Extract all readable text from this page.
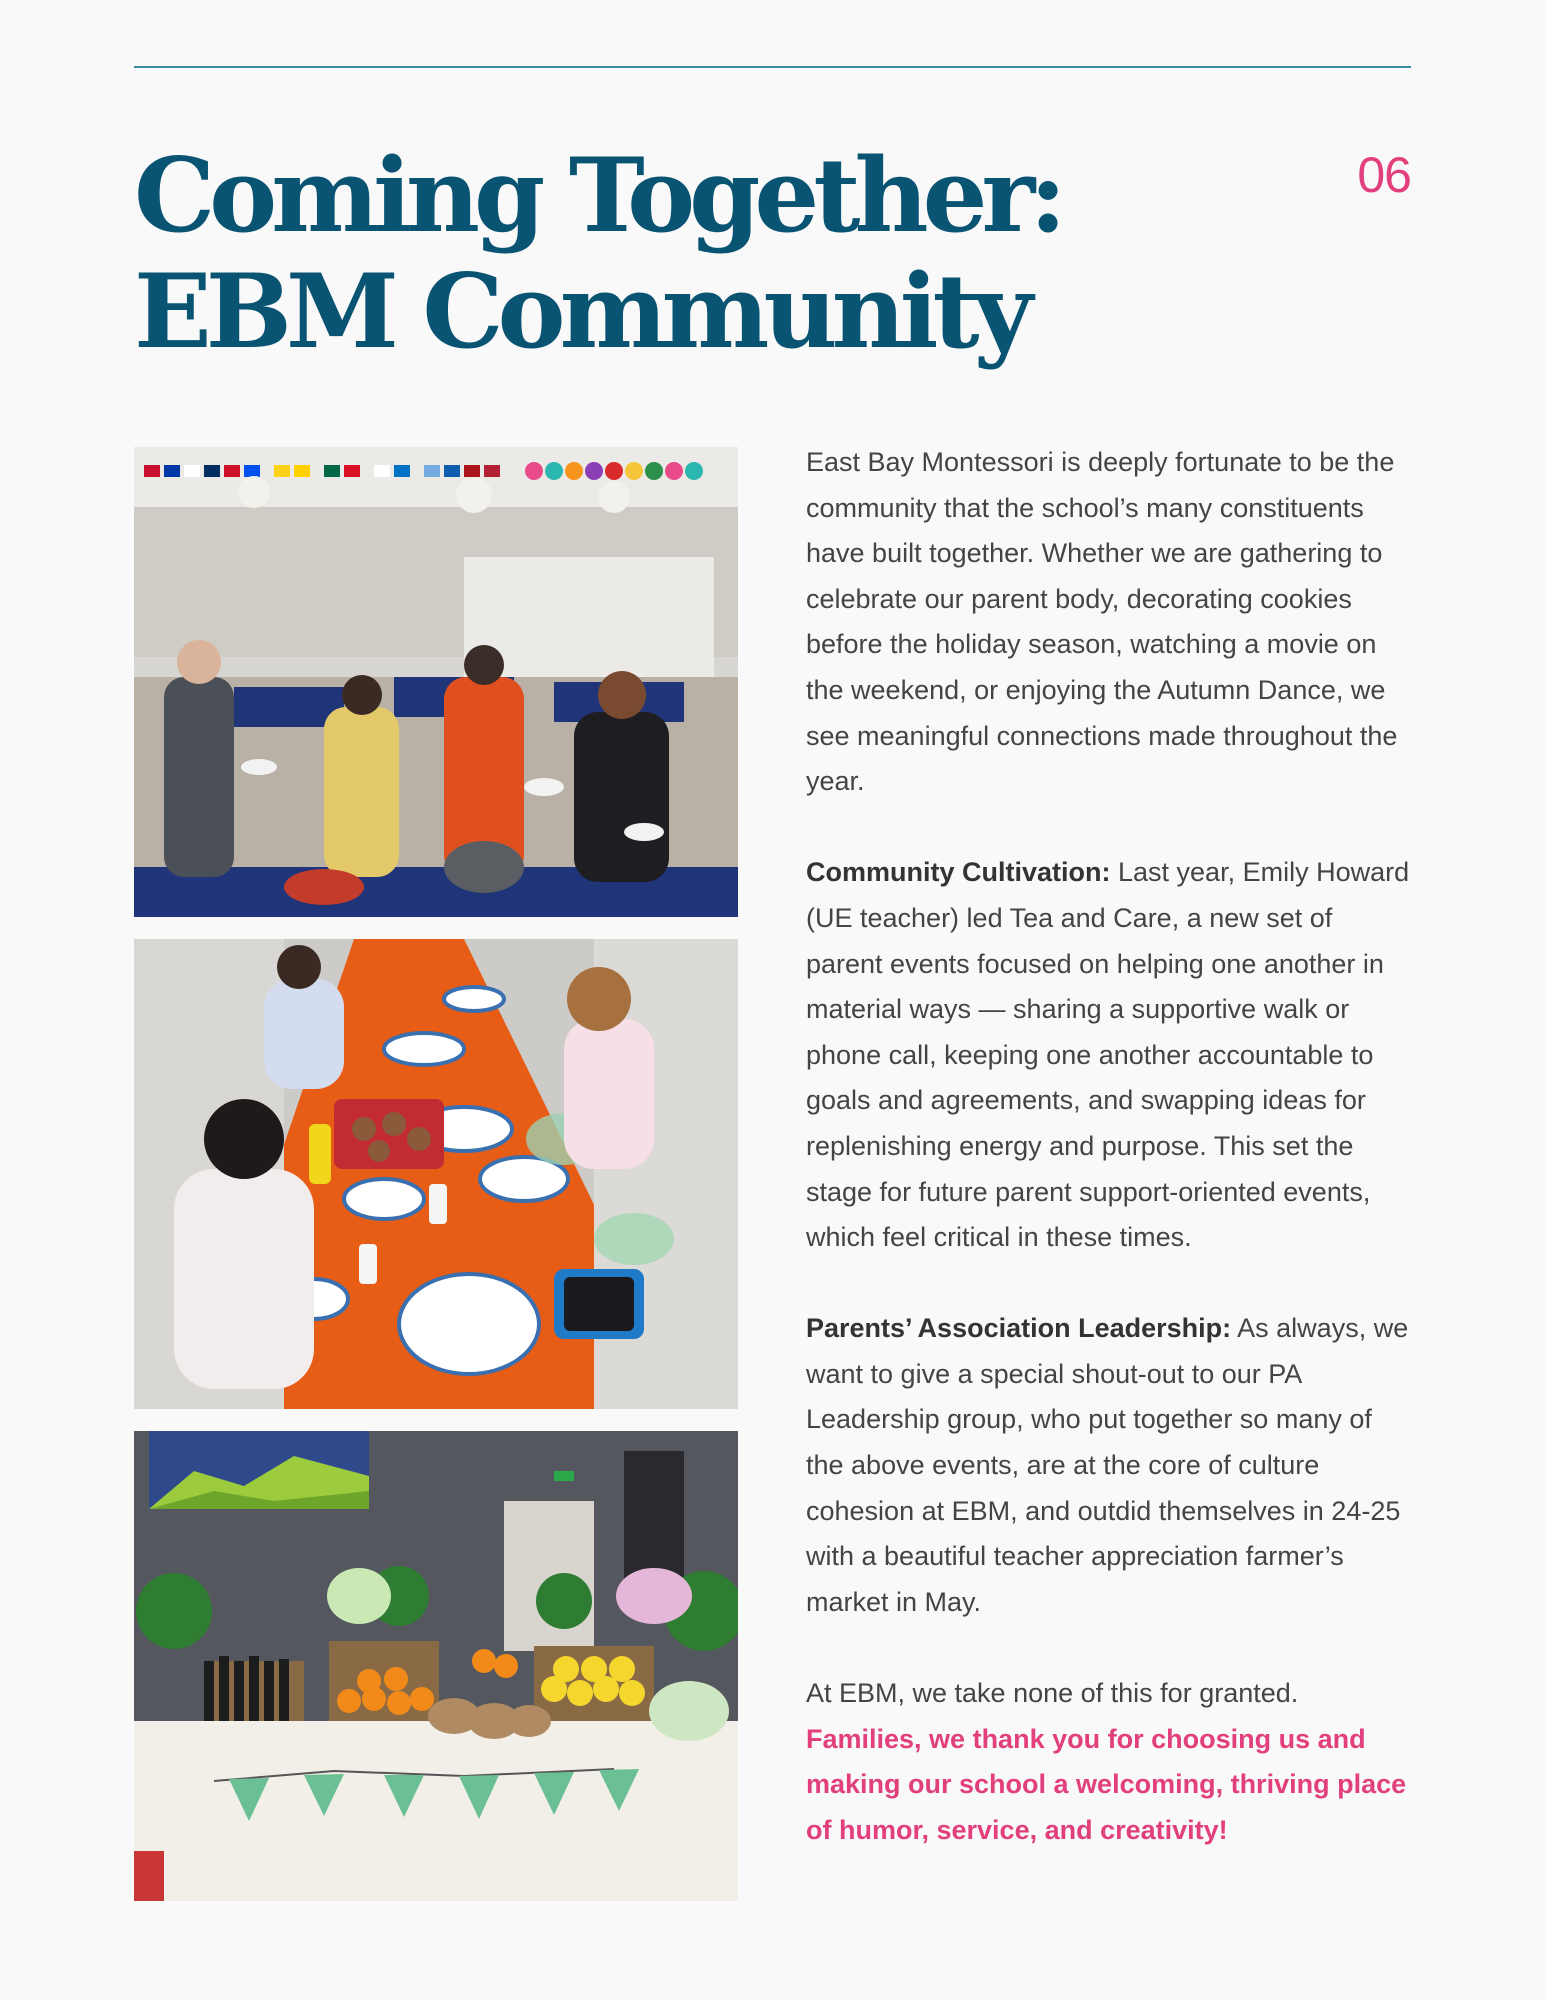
06
Coming Together:
EBM Community

East Bay Montessori is deeply fortunate to be the community that the school’s many constituents have built together. Whether we are gathering to celebrate our parent body, decorating cookies before the holiday season, watching a movie on the weekend, or enjoying the Autumn Dance, we see meaningful connections made throughout the year.

Community Cultivation: Last year, Emily Howard (UE teacher) led Tea and Care, a new set of parent events focused on helping one another in material ways — sharing a supportive walk or phone call, keeping one another accountable to goals and agreements, and swapping ideas for replenishing energy and purpose. This set the stage for future parent support-oriented events, which feel critical in these times.

Parents’ Association Leadership: As always, we want to give a special shout-out to our PA Leadership group, who put together so many of the above events, are at the core of culture cohesion at EBM, and outdid themselves in 24-25 with a beautiful teacher appreciation farmer’s market in May.

At EBM, we take none of this for granted.
Families, we thank you for choosing us and making our school a welcoming, thriving place of humor, service, and creativity!
